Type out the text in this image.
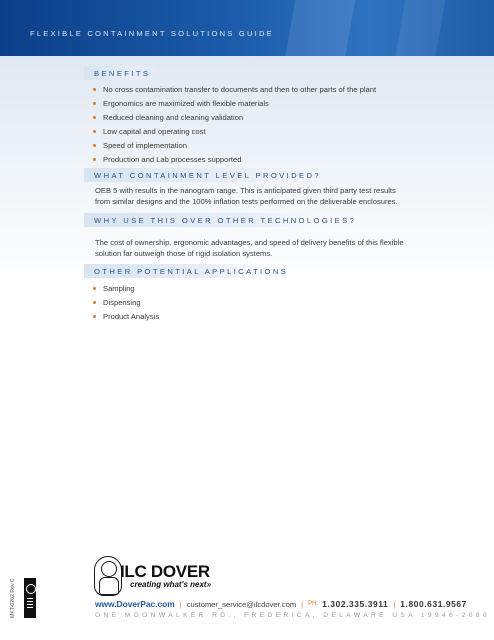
FLEXIBLE CONTAINMENT SOLUTIONS GUIDE
BENEFITS
No cross contamination transfer to documents and then to other parts of the plant
Ergonomics are maximized with flexible materials
Reduced cleaning and cleaning validation
Low capital and operating cost
Speed of implementation
Production and Lab processes supported
WHAT CONTAINMENT LEVEL PROVIDED?
OEB 5 with results in the nanogram range. This is anticipated given third party test results
from similar designs and the 100% inflation tests performed on the deliverable enclosures.
WHY USE THIS OVER OTHER TECHNOLOGIES?
The cost of ownership, ergonomic advantages, and speed of delivery benefits of this flexible
solution far outweigh those of rigid isolation systems.
OTHER POTENTIAL APPLICATIONS
Sampling
Dispensing
Product Analysis
ILC DOVER
creating what's next»
www.DoverPac.com | customer_service@ilcdover.com | PH: 1.302.335.3911 | 1.800.631.9567
ONE MOONWALKER RD., FREDERICA, DELAWARE USA 19946-2080
MKT-0202 Rev C
